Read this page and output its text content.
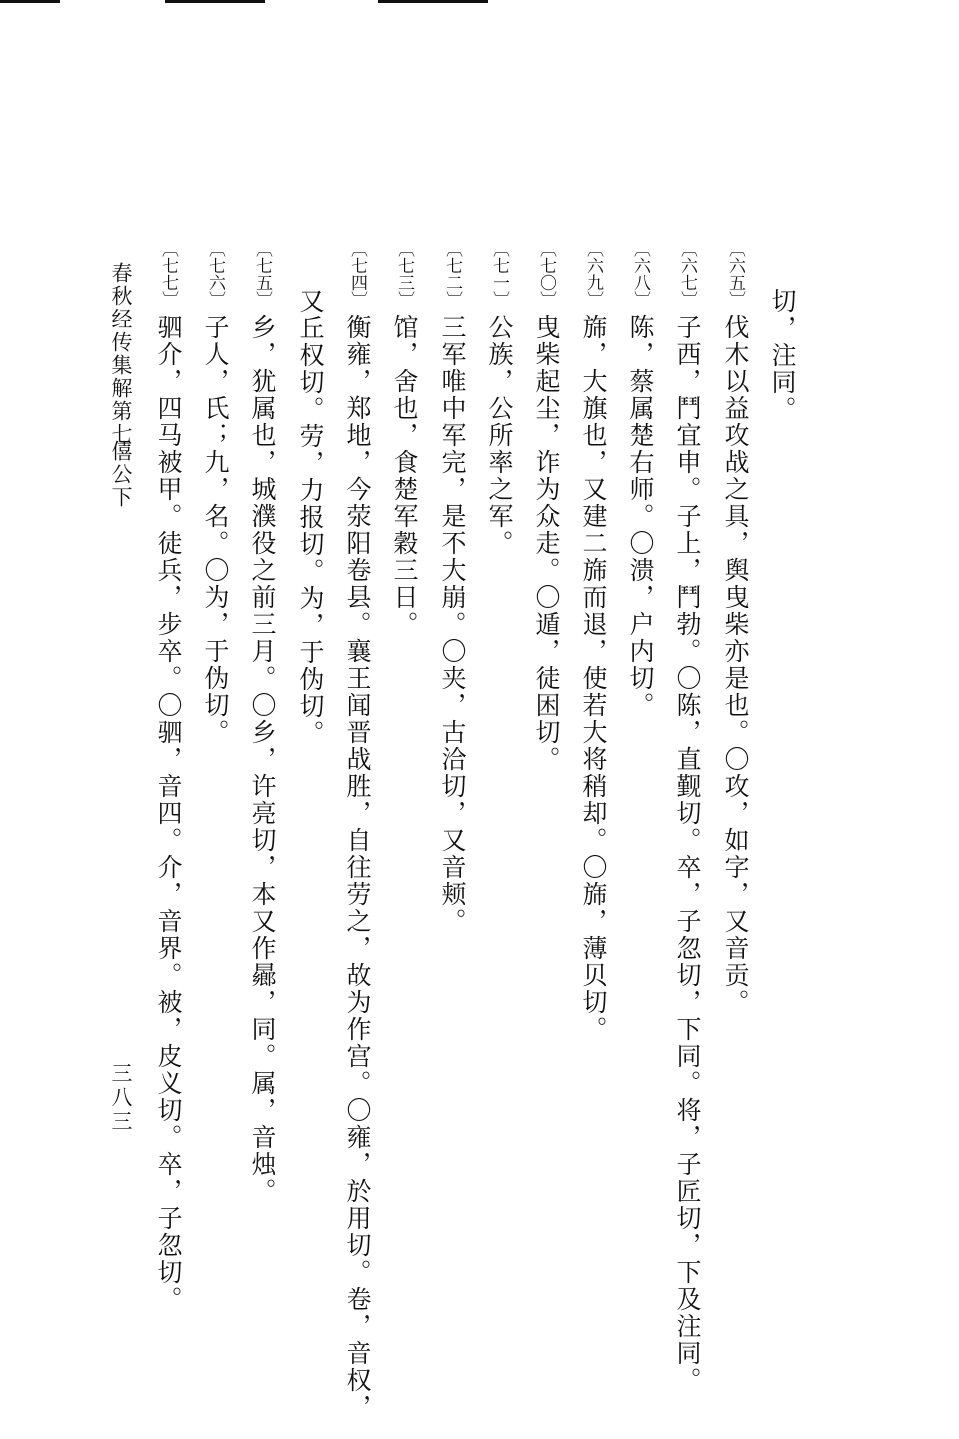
切，注同。
〔六五〕伐木以益攻战之具，舆曳柴亦是也。〇攻，如字，又音贡。
〔六七〕子西，鬥宜申。子上，鬥勃。〇陈，直觐切。卒，子忽切，下同。将，子匠切，下及注同。
〔六八〕陈，蔡属楚右师。〇溃，户内切。
〔六九〕旆，大旗也，又建二旆而退，使若大将稍却。〇旆，薄贝切。
〔七〇〕曳柴起尘，诈为众走。〇遁，徒困切。
〔七一〕公族，公所率之军。
〔七二〕三军唯中军完，是不大崩。〇夹，古洽切，又音颊。
〔七三〕馆，舍也，食楚军穀三日。
〔七四〕衡雍，郑地，今荥阳卷县。襄王闻晋战胜，自往劳之，故为作宫。〇雍，於用切。卷，音权，
又丘权切。劳，力报切。为，于伪切。
〔七五〕乡，犹属也，城濮役之前三月。〇乡，许亮切，本又作曏，同。属，音烛。
〔七六〕子人，氏；九，名。〇为，于伪切。
〔七七〕驷介，四马被甲。徒兵，步卒。〇驷，音四。介，音界。被，皮义切。卒，子忽切。
春秋经传集解第七
僖公下
三八三
